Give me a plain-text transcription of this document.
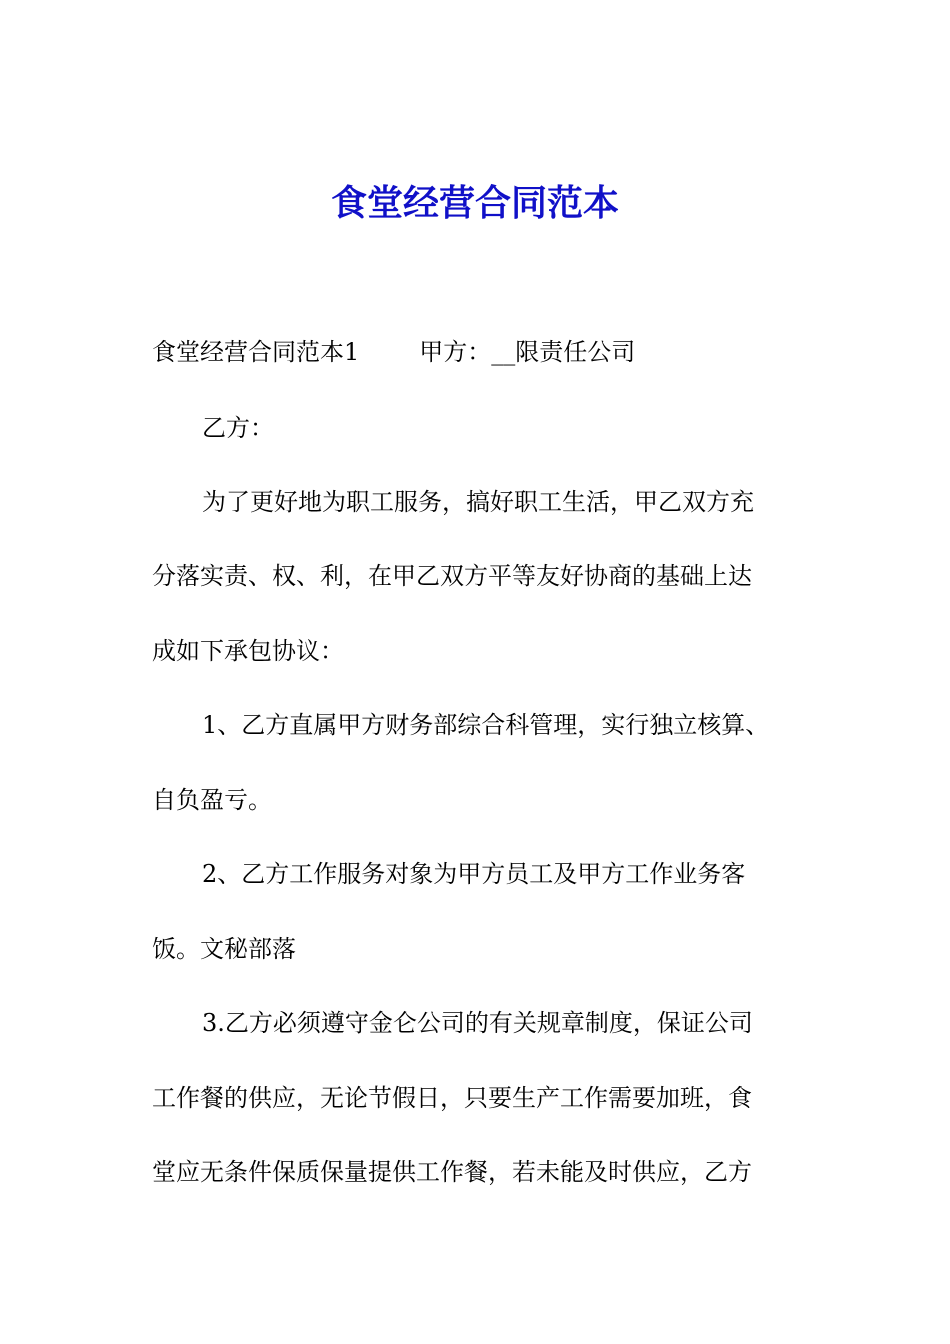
食堂经营合同范本

食堂经营合同范本1	甲方：__限责任公司

乙方：

为了更好地为职工服务，搞好职工生活，甲乙双方充

分落实责、权、利，在甲乙双方平等友好协商的基础上达

成如下承包协议：

1、乙方直属甲方财务部综合科管理，实行独立核算、

自负盈亏。

2、乙方工作服务对象为甲方员工及甲方工作业务客

饭。文秘部落

3.乙方必须遵守金仑公司的有关规章制度，保证公司

工作餐的供应，无论节假日，只要生产工作需要加班，食

堂应无条件保质保量提供工作餐，若未能及时供应，乙方
